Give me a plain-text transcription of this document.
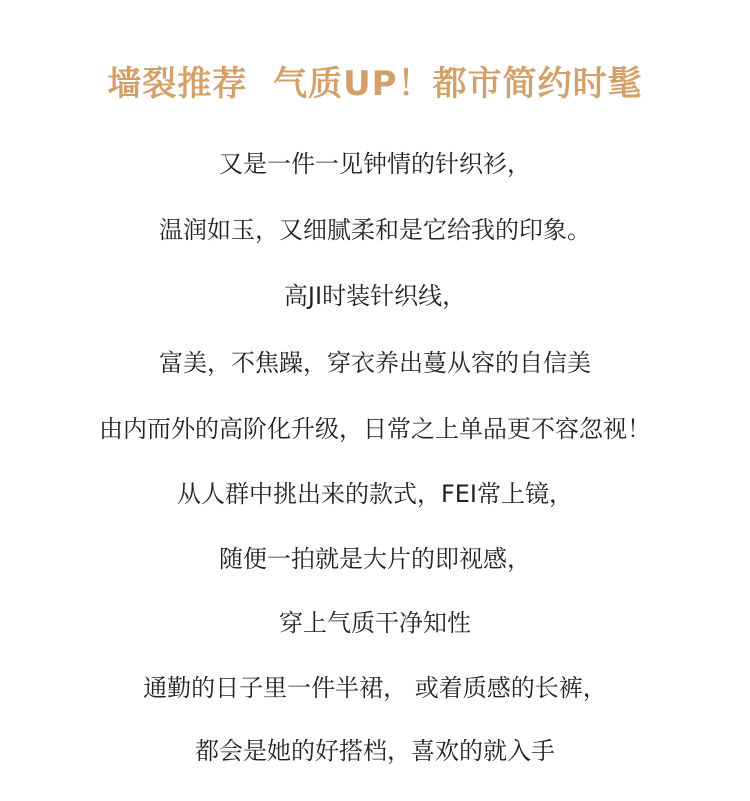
墙裂推荐  气质UP！都市简约时髦
又是一件一见钟情的针织衫，
温润如玉，又细腻柔和是它给我的印象。
高JI时装针织线，
富美，不焦躁，穿衣养出蔓从容的自信美
由内而外的高阶化升级，日常之上单品更不容忽视！
从人群中挑出来的款式，FEI常上镜，
随便一拍就是大片的即视感，
穿上气质干净知性
通勤的日子里一件半裙， 或着质感的长裤，
都会是她的好搭档，喜欢的就入手
